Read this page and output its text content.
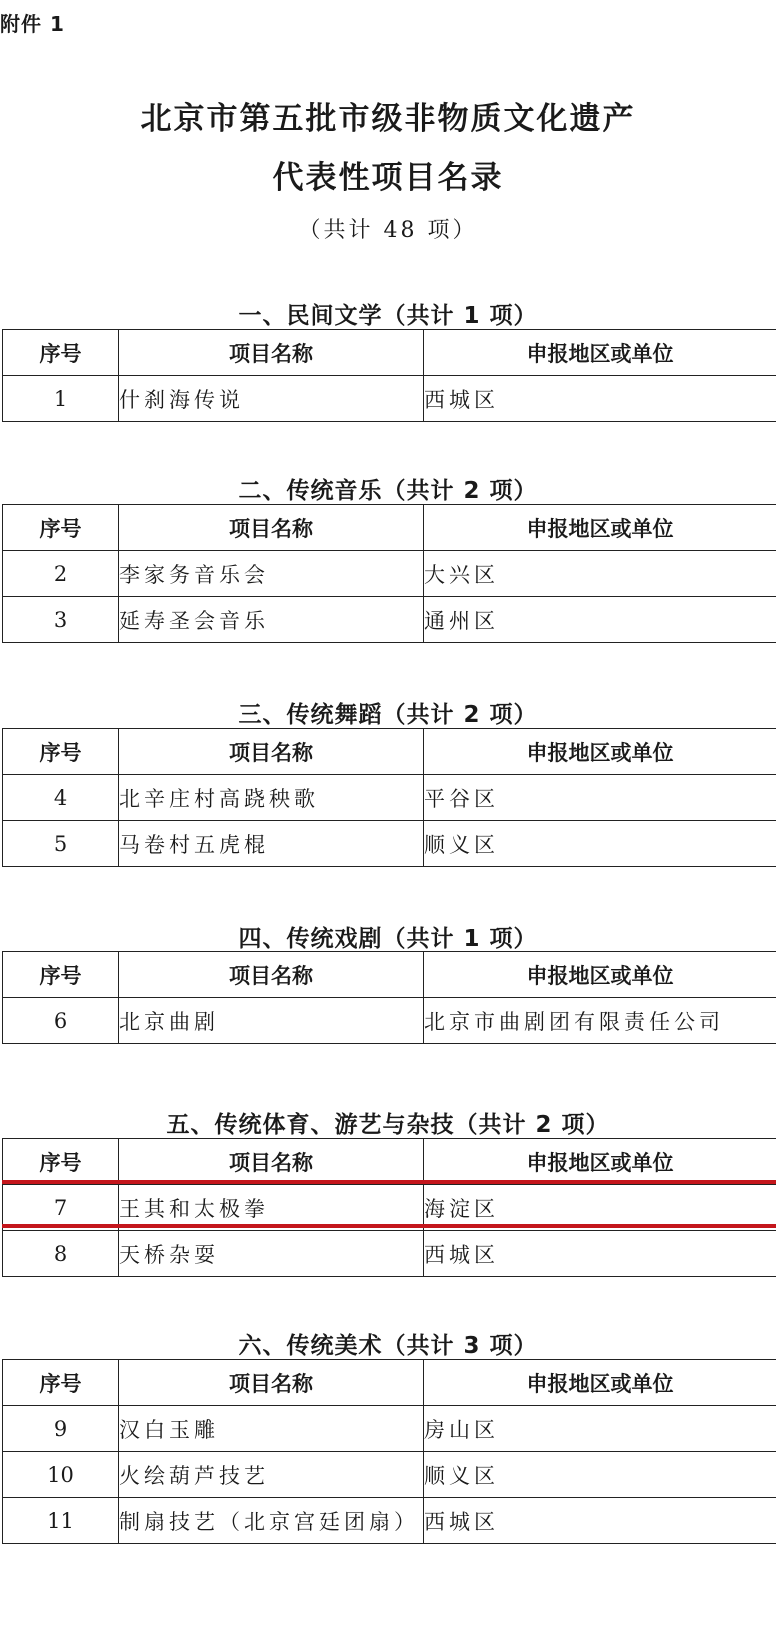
附件 1
北京市第五批市级非物质文化遗产
代表性项目名录
（共计 48 项）
一、民间文学（共计 1 项）
序号	项目名称	申报地区或单位
1	什刹海传说	西城区
二、传统音乐（共计 2 项）
序号	项目名称	申报地区或单位
2	李家务音乐会	大兴区
3	延寿圣会音乐	通州区
三、传统舞蹈（共计 2 项）
序号	项目名称	申报地区或单位
4	北辛庄村高跷秧歌	平谷区
5	马卷村五虎棍	顺义区
四、传统戏剧（共计 1 项）
序号	项目名称	申报地区或单位
6	北京曲剧	北京市曲剧团有限责任公司
五、传统体育、游艺与杂技（共计 2 项）
序号	项目名称	申报地区或单位
7	王其和太极拳	海淀区
8	天桥杂耍	西城区
六、传统美术（共计 3 项）
序号	项目名称	申报地区或单位
9	汉白玉雕	房山区
10	火绘葫芦技艺	顺义区
11	制扇技艺（北京宫廷团扇）	西城区
